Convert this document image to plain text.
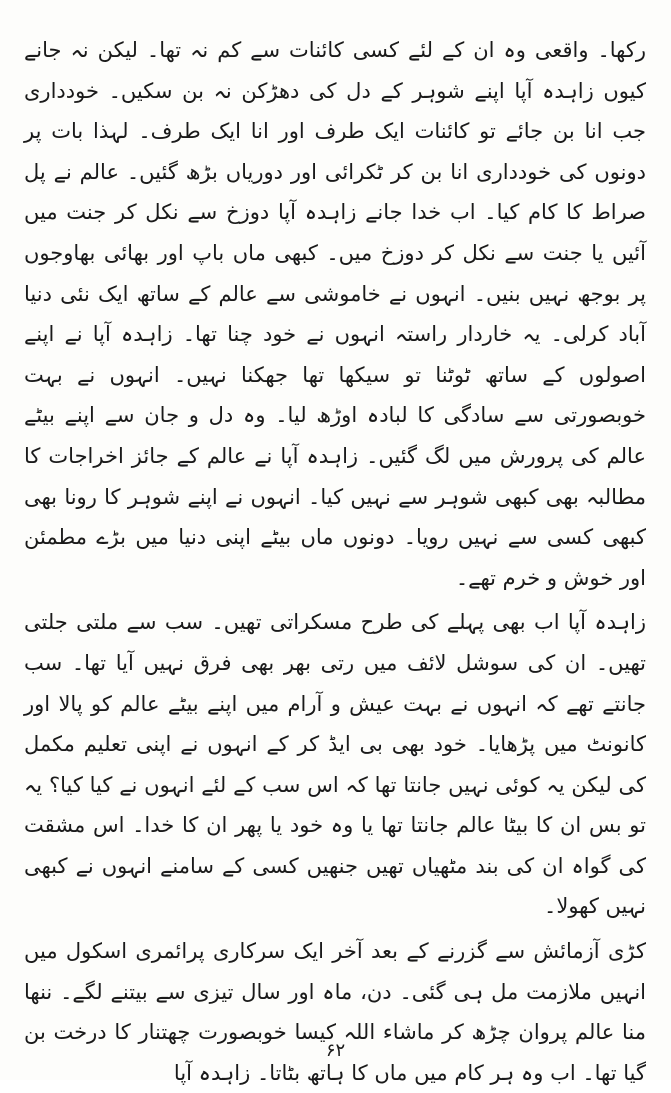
رکھا۔ واقعی وہ ان کے لئے کسی کائنات سے کم نہ تھا۔ لیکن نہ جانے کیوں زاہدہ آپا اپنے شوہر کے دل کی دھڑکن نہ بن سکیں۔ خودداری جب انا بن جائے تو کائنات ایک طرف اور انا ایک طرف۔ لہذا بات پر دونوں کی خودداری انا بن کر ٹکرائی اور دوریاں بڑھ گئیں۔ عالم نے پل صراط کا کام کیا۔ اب خدا جانے زاہدہ آپا دوزخ سے نکل کر جنت میں آئیں یا جنت سے نکل کر دوزخ میں۔ کبھی ماں باپ اور بھائی بھاوجوں پر بوجھ نہیں بنیں۔ انہوں نے خاموشی سے عالم کے ساتھ ایک نئی دنیا آباد کرلی۔ یہ خاردار راستہ انہوں نے خود چنا تھا۔ زاہدہ آپا نے اپنے اصولوں کے ساتھ ٹوٹنا تو سیکھا تھا جھکنا نہیں۔ انہوں نے بہت خوبصورتی سے سادگی کا لبادہ اوڑھ لیا۔ وہ دل و جان سے اپنے بیٹے عالم کی پرورش میں لگ گئیں۔ زاہدہ آپا نے عالم کے جائز اخراجات کا مطالبہ بھی کبھی شوہر سے نہیں کیا۔ انہوں نے اپنے شوہر کا رونا بھی کبھی کسی سے نہیں رویا۔ دونوں ماں بیٹے اپنی دنیا میں بڑے مطمئن اور خوش و خرم تھے۔

زاہدہ آپا اب بھی پہلے کی طرح مسکراتی تھیں۔ سب سے ملتی جلتی تھیں۔ ان کی سوشل لائف میں رتی بھر بھی فرق نہیں آیا تھا۔ سب جانتے تھے کہ انہوں نے بہت عیش و آرام میں اپنے بیٹے عالم کو پالا اور کانونٹ میں پڑھایا۔ خود بھی بی ایڈ کر کے انہوں نے اپنی تعلیم مکمل کی لیکن یہ کوئی نہیں جانتا تھا کہ اس سب کے لئے انہوں نے کیا کیا؟ یہ تو بس ان کا بیٹا عالم جانتا تھا یا وہ خود یا پھر ان کا خدا۔ اس مشقت کی گواہ ان کی بند مٹھیاں تھیں جنھیں کسی کے سامنے انہوں نے کبھی نہیں کھولا۔

کڑی آزمائش سے گزرنے کے بعد آخر ایک سرکاری پرائمری اسکول میں انہیں ملازمت مل ہی گئی۔ دن، ماہ اور سال تیزی سے بیتنے لگے۔ ننھا منا عالم پروان چڑھ کر ماشاء اللہ کیسا خوبصورت چھتنار کا درخت بن گیا تھا۔ اب وہ ہر کام میں ماں کا ہاتھ بٹاتا۔ زاہدہ آپا

۶۲
